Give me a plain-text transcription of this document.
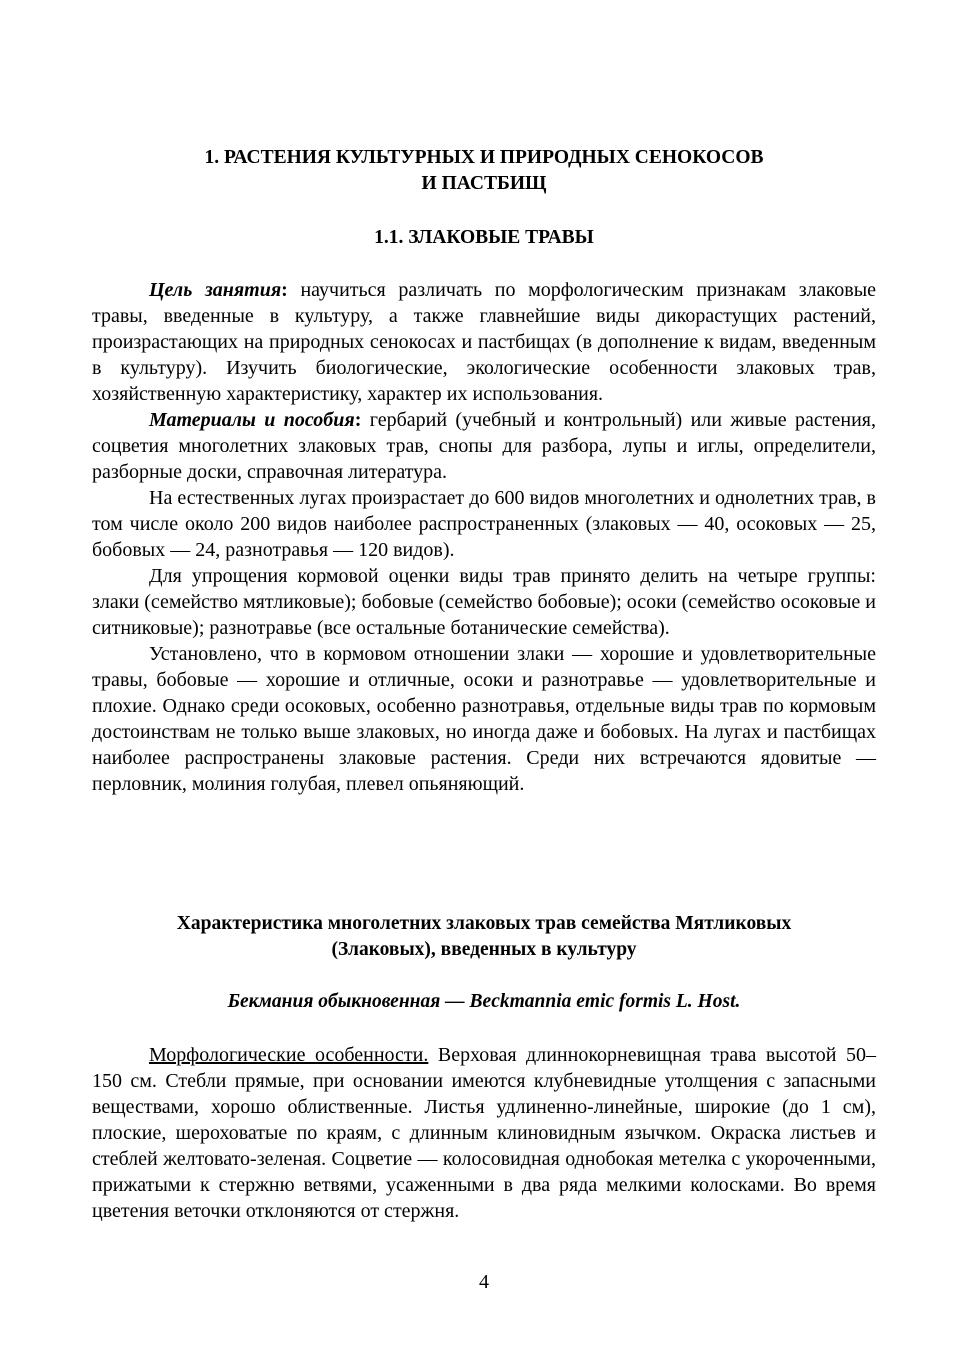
1. РАСТЕНИЯ КУЛЬТУРНЫХ И ПРИРОДНЫХ СЕНОКОСОВ
И ПАСТБИЩ
1.1. ЗЛАКОВЫЕ ТРАВЫ

Цель занятия: научиться различать по морфологическим признакам злаковые травы, введенные в культуру, а также главнейшие виды дикорастущих растений, произрастающих на природных сенокосах и пастбищах (в дополнение к видам, введенным в культуру). Изучить биологические, экологические особенности злаковых трав, хозяйственную характеристику, характер их использования.

Материалы и пособия: гербарий (учебный и контрольный) или живые растения, соцветия многолетних злаковых трав, снопы для разбора, лупы и иглы, определители, разборные доски, справочная литература.

На естественных лугах произрастает до 600 видов многолетних и однолетних трав, в том числе около 200 видов наиболее распространенных (злаковых — 40, осоковых — 25, бобовых — 24, разнотравья — 120 видов).

Для упрощения кормовой оценки виды трав принято делить на четыре группы: злаки (семейство мятликовые); бобовые (семейство бобовые); осоки (семейство осоковые и ситниковые); разнотравье (все остальные ботанические семейства).

Установлено, что в кормовом отношении злаки — хорошие и удовлетворительные травы, бобовые — хорошие и отличные, осоки и разнотравье — удовлетворительные и плохие. Однако среди осоковых, особенно разнотравья, отдельные виды трав по кормовым достоинствам не только выше злаковых, но иногда даже и бобовых. На лугах и пастбищах наиболее распространены злаковые растения. Среди них встречаются ядовитые — перловник, молиния голубая, плевел опьяняющий.

Характеристика многолетних злаковых трав семейства Мятликовых
(Злаковых), введенных в культуру
Бекмания обыкновенная — Beckmannia emic formis L. Host.

Морфологические особенности. Верховая длиннокорневищная трава высотой 50–150 см. Стебли прямые, при основании имеются клубневидные утолщения с запасными веществами, хорошо облиственные. Листья удлиненно-линейные, широкие (до 1 см), плоские, шероховатые по краям, с длинным клиновидным язычком. Окраска листьев и стеблей желтовато-зеленая. Соцветие — колосовидная однобокая метелка с укороченными, прижатыми к стержню ветвями, усаженными в два ряда мелкими колосками. Во время цветения веточки отклоняются от стержня.

4
